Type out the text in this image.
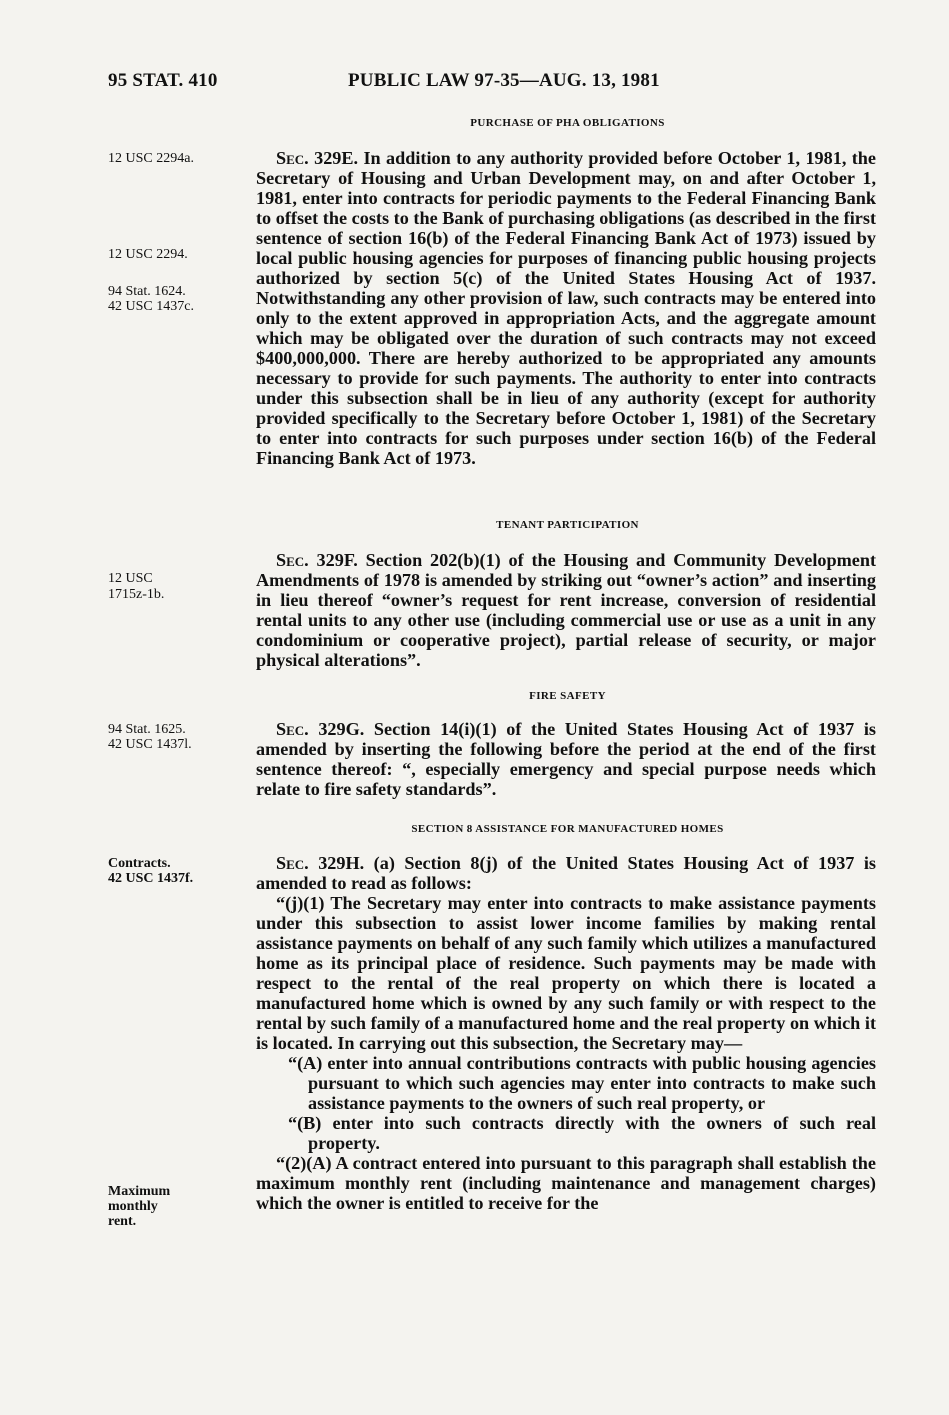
95 STAT. 410	PUBLIC LAW 97-35—AUG. 13, 1981
PURCHASE OF PHA OBLIGATIONS
12 USC 2294a.
12 USC 2294.
94 Stat. 1624.
42 USC 1437c.

Sec. 329E. In addition to any authority provided before October 1, 1981, the Secretary of Housing and Urban Development may, on and after October 1, 1981, enter into contracts for periodic payments to the Federal Financing Bank to offset the costs to the Bank of purchasing obligations (as described in the first sentence of section 16(b) of the Federal Financing Bank Act of 1973) issued by local public housing agencies for purposes of financing public housing projects authorized by section 5(c) of the United States Housing Act of 1937. Notwithstanding any other provision of law, such contracts may be entered into only to the extent approved in appropriation Acts, and the aggregate amount which may be obligated over the duration of such contracts may not exceed $400,000,000. There are hereby authorized to be appropriated any amounts necessary to provide for such payments. The authority to enter into contracts under this subsection shall be in lieu of any authority (except for authority provided specifically to the Secretary before October 1, 1981) of the Secretary to enter into contracts for such purposes under section 16(b) of the Federal Financing Bank Act of 1973.

TENANT PARTICIPATION
12 USC
1715z-1b.

Sec. 329F. Section 202(b)(1) of the Housing and Community Development Amendments of 1978 is amended by striking out “owner’s action” and inserting in lieu thereof “owner’s request for rent increase, conversion of residential rental units to any other use (including commercial use or use as a unit in any condominium or cooperative project), partial release of security, or major physical alterations”.

FIRE SAFETY
94 Stat. 1625.
42 USC 1437l.

Sec. 329G. Section 14(i)(1) of the United States Housing Act of 1937 is amended by inserting the following before the period at the end of the first sentence thereof: “, especially emergency and special purpose needs which relate to fire safety standards”.

SECTION 8 ASSISTANCE FOR MANUFACTURED HOMES
Contracts.
42 USC 1437f.
Maximum
monthly
rent.

Sec. 329H. (a) Section 8(j) of the United States Housing Act of 1937 is amended to read as follows:

“(j)(1) The Secretary may enter into contracts to make assistance payments under this subsection to assist lower income families by making rental assistance payments on behalf of any such family which utilizes a manufactured home as its principal place of residence. Such payments may be made with respect to the rental of the real property on which there is located a manufactured home which is owned by any such family or with respect to the rental by such family of a manufactured home and the real property on which it is located. In carrying out this subsection, the Secretary may—

“(A) enter into annual contributions contracts with public housing agencies pursuant to which such agencies may enter into contracts to make such assistance payments to the owners of such real property, or

“(B) enter into such contracts directly with the owners of such real property.

“(2)(A) A contract entered into pursuant to this paragraph shall establish the maximum monthly rent (including maintenance and management charges) which the owner is entitled to receive for the
